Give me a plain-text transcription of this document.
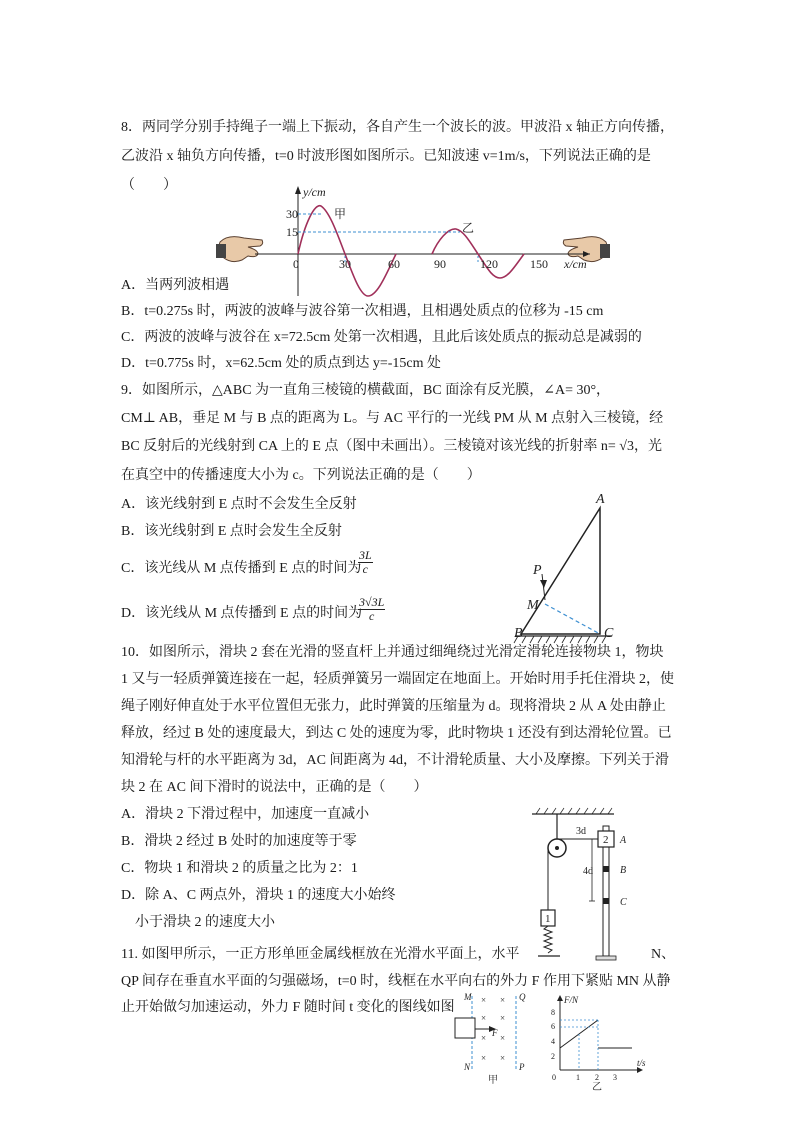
8．两同学分别手持绳子一端上下振动，各自产生一个波长的波。甲波沿 x 轴正方向传播，
乙波沿 x 轴负方向传播，t=0 时波形图如图所示。已知波速 v=1m/s，下列说法正确的是
（　　）	y/cm
30
15
甲
乙
0	30	60	90	120	150 x/cm
A．当两列波相遇
B．t=0.275s 时，两波的波峰与波谷第一次相遇，且相遇处质点的位移为 -15 cm
C．两波的波峰与波谷在 x=72.5cm 处第一次相遇，且此后该处质点的振动总是减弱的
D．t=0.775s 时，x=62.5cm 处的质点到达 y=-15cm 处
9．如图所示，△ABC 为一直角三棱镜的横截面，BC 面涂有反光膜，∠A= 30°，
CM⊥ AB，垂足 M 与 B 点的距离为 L。与 AC 平行的一光线 PM 从 M 点射入三棱镜，经
BC 反射后的光线射到 CA 上的 E 点（图中未画出）。三棱镜对该光线的折射率 n= √3，光
在真空中的传播速度大小为 c。下列说法正确的是（　　）
A．该光线射到 E 点时不会发生全反射
B．该光线射到 E 点时会发生全反射
C．该光线从 M 点传播到 E 点的时间为
$\frac{3L}{c}$
D．该光线从 M 点传播到 E 点的时间为
$\frac{3√3L}{c}$
A
B	C
M
P
10．如图所示，滑块 2 套在光滑的竖直杆上并通过细绳绕过光滑定滑轮连接物块 1，物块
1 又与一轻质弹簧连接在一起，轻质弹簧另一端固定在地面上。开始时用手托住滑块 2，使
绳子刚好伸直处于水平位置但无张力，此时弹簧的压缩量为 d。现将滑块 2 从 A 处由静止
释放，经过 B 处的速度最大，到达 C 处的速度为零，此时物块 1 还没有到达滑轮位置。已
知滑轮与杆的水平距离为 3d，AC 间距离为 4d，不计滑轮质量、大小及摩擦。下列关于滑
块 2 在 AC 间下滑时的说法中，正确的是（　　）
A．滑块 2 下滑过程中，加速度一直减小
B．滑块 2 经过 B 处时的加速度等于零
C．物块 1 和滑块 2 的质量之比为 2：1
D．除 A、C 两点外，滑块 1 的速度大小始终
小于滑块 2 的速度大小	1
2 A
B
C
3d
4d
11. 如图甲所示，一正方形单匝金属线框放在光滑水平面上，水平	N、
QP 间存在垂直水平面的匀强磁场，t=0 时，线框在水平向右的外力 F 作用下紧贴 MN 从静
止开始做匀加速运动，外力 F 随时间 t 变化的图线如图	× ×
× ×
× ×
× ×
M
N
Q
P
F
甲
F/N
8
6
4
2
0	1 2 3
t/s
乙
